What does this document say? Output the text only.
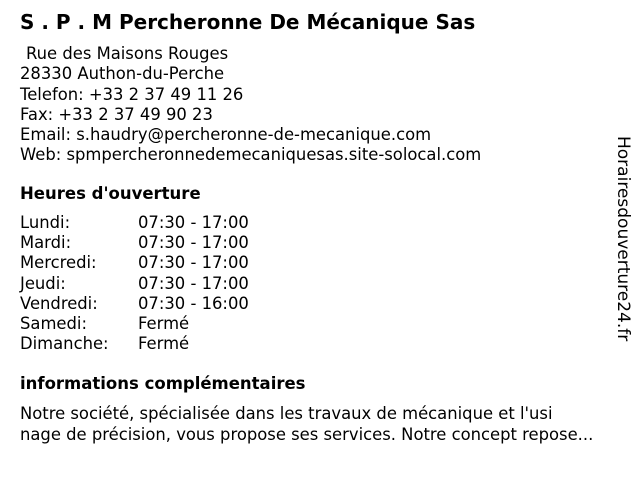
S . P . M Percheronne De Mécanique Sas
Rue des Maisons Rouges
28330 Authon-du-Perche
Telefon: +33 2 37 49 11 26
Fax: +33 2 37 49 90 23
Email: s.haudry@percheronne-de-mecanique.com
Web: spmpercheronnedemecaniquesas.site-solocal.com
Heures d'ouverture
Lundi:	07:30 - 17:00
Mardi:	07:30 - 17:00
Mercredi:	07:30 - 17:00
Jeudi:	07:30 - 17:00
Vendredi:	07:30 - 16:00
Samedi:	Fermé
Dimanche:	Fermé
informations complémentaires
Notre société, spécialisée dans les travaux de mécanique et l'usi
nage de précision, vous propose ses services. Notre concept repose...
Horairesdouverture24.fr
